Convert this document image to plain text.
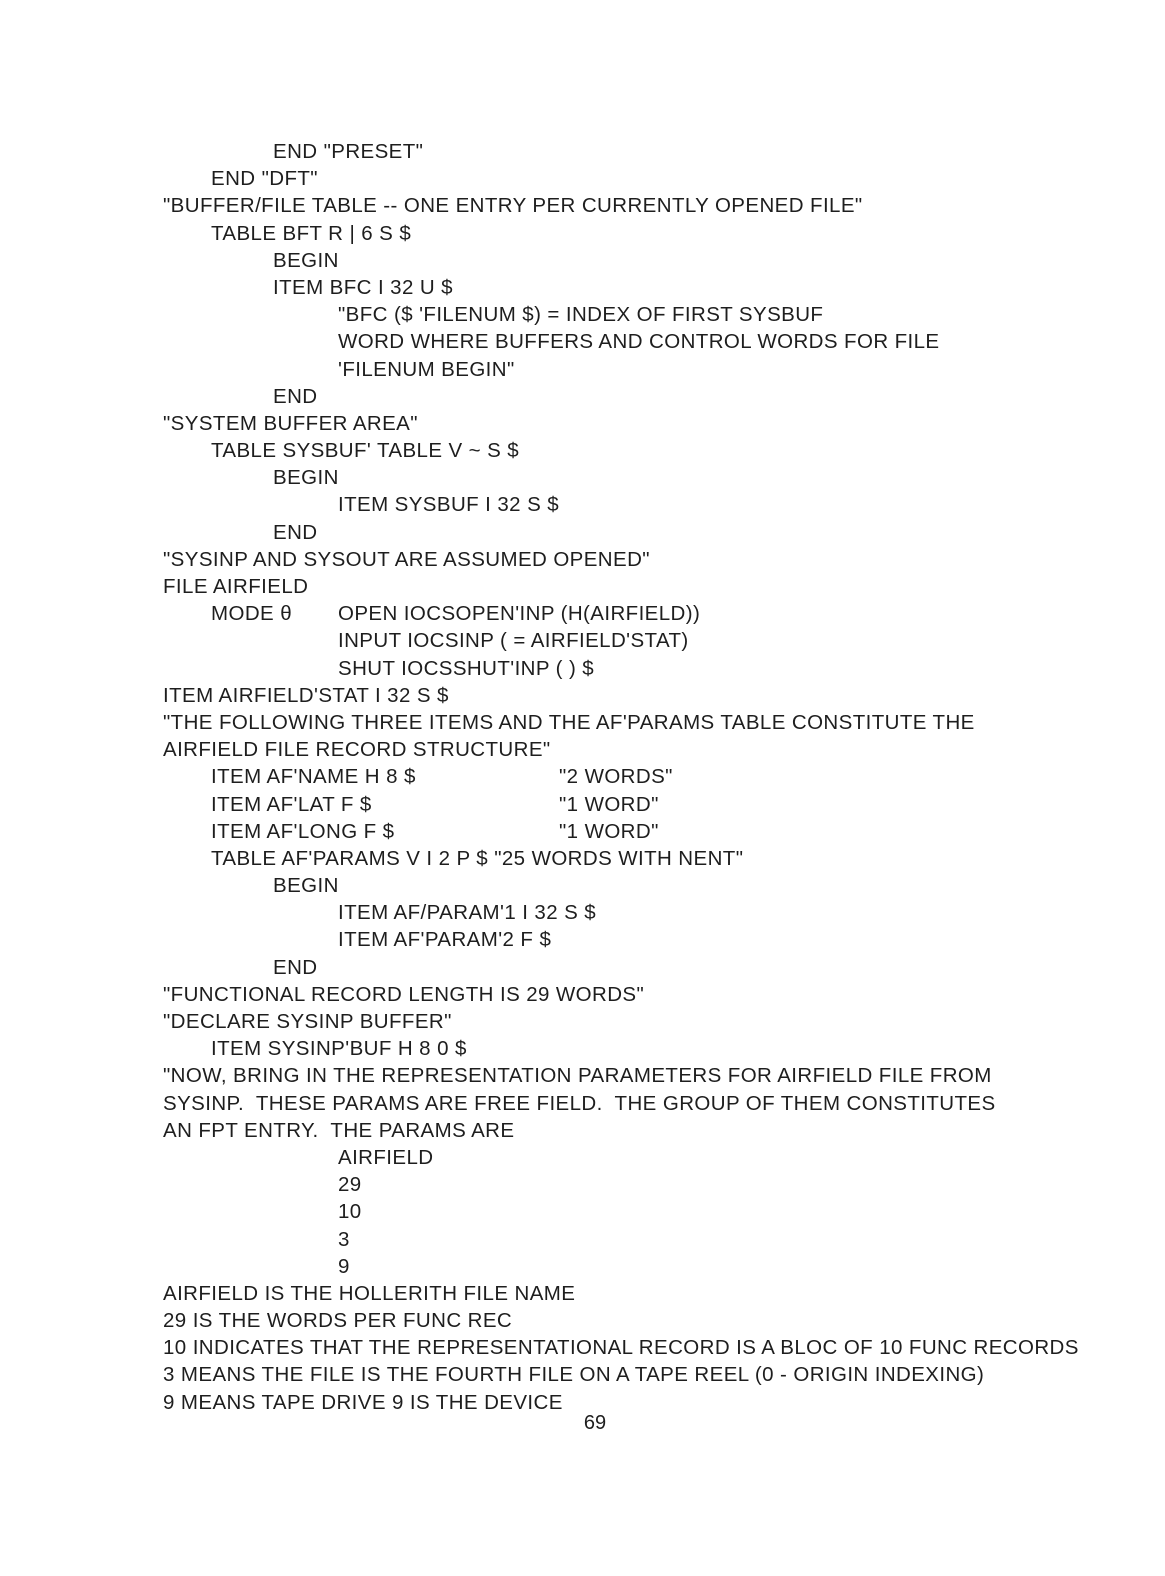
END "PRESET"
END "DFT"
"BUFFER/FILE TABLE -- ONE ENTRY PER CURRENTLY OPENED FILE"
TABLE BFT R | 6 S $
BEGIN
ITEM BFC I 32 U $
"BFC ($ 'FILENUM $) = INDEX OF FIRST SYSBUF
WORD WHERE BUFFERS AND CONTROL WORDS FOR FILE
'FILENUM BEGIN"
END
"SYSTEM BUFFER AREA"
TABLE SYSBUF' TABLE V ~ S $
BEGIN
ITEM SYSBUF I 32 S $
END
"SYSINP AND SYSOUT ARE ASSUMED OPENED"
FILE AIRFIELD
MODE θ OPEN IOCSOPEN'INP (H(AIRFIELD))
INPUT IOCSINP ( = AIRFIELD'STAT)
SHUT IOCSSHUT'INP ( ) $
ITEM AIRFIELD'STAT I 32 S $
"THE FOLLOWING THREE ITEMS AND THE AF'PARAMS TABLE CONSTITUTE THE
AIRFIELD FILE RECORD STRUCTURE"
ITEM AF'NAME H 8 $	"2 WORDS"
ITEM AF'LAT F $	"1 WORD"
ITEM AF'LONG F $	"1 WORD"
TABLE AF'PARAMS V I 2 P $ "25 WORDS WITH NENT"
BEGIN
ITEM AF/PARAM'1 I 32 S $
ITEM AF'PARAM'2 F $
END
"FUNCTIONAL RECORD LENGTH IS 29 WORDS"
"DECLARE SYSINP BUFFER"
ITEM SYSINP'BUF H 8 0 $
"NOW, BRING IN THE REPRESENTATION PARAMETERS FOR AIRFIELD FILE FROM
SYSINP.  THESE PARAMS ARE FREE FIELD.  THE GROUP OF THEM CONSTITUTES
AN FPT ENTRY.  THE PARAMS ARE
AIRFIELD
29
10
3
9
AIRFIELD IS THE HOLLERITH FILE NAME
29 IS THE WORDS PER FUNC REC
10 INDICATES THAT THE REPRESENTATIONAL RECORD IS A BLOC OF 10 FUNC RECORDS
3 MEANS THE FILE IS THE FOURTH FILE ON A TAPE REEL (0 - ORIGIN INDEXING)
9 MEANS TAPE DRIVE 9 IS THE DEVICE
69
